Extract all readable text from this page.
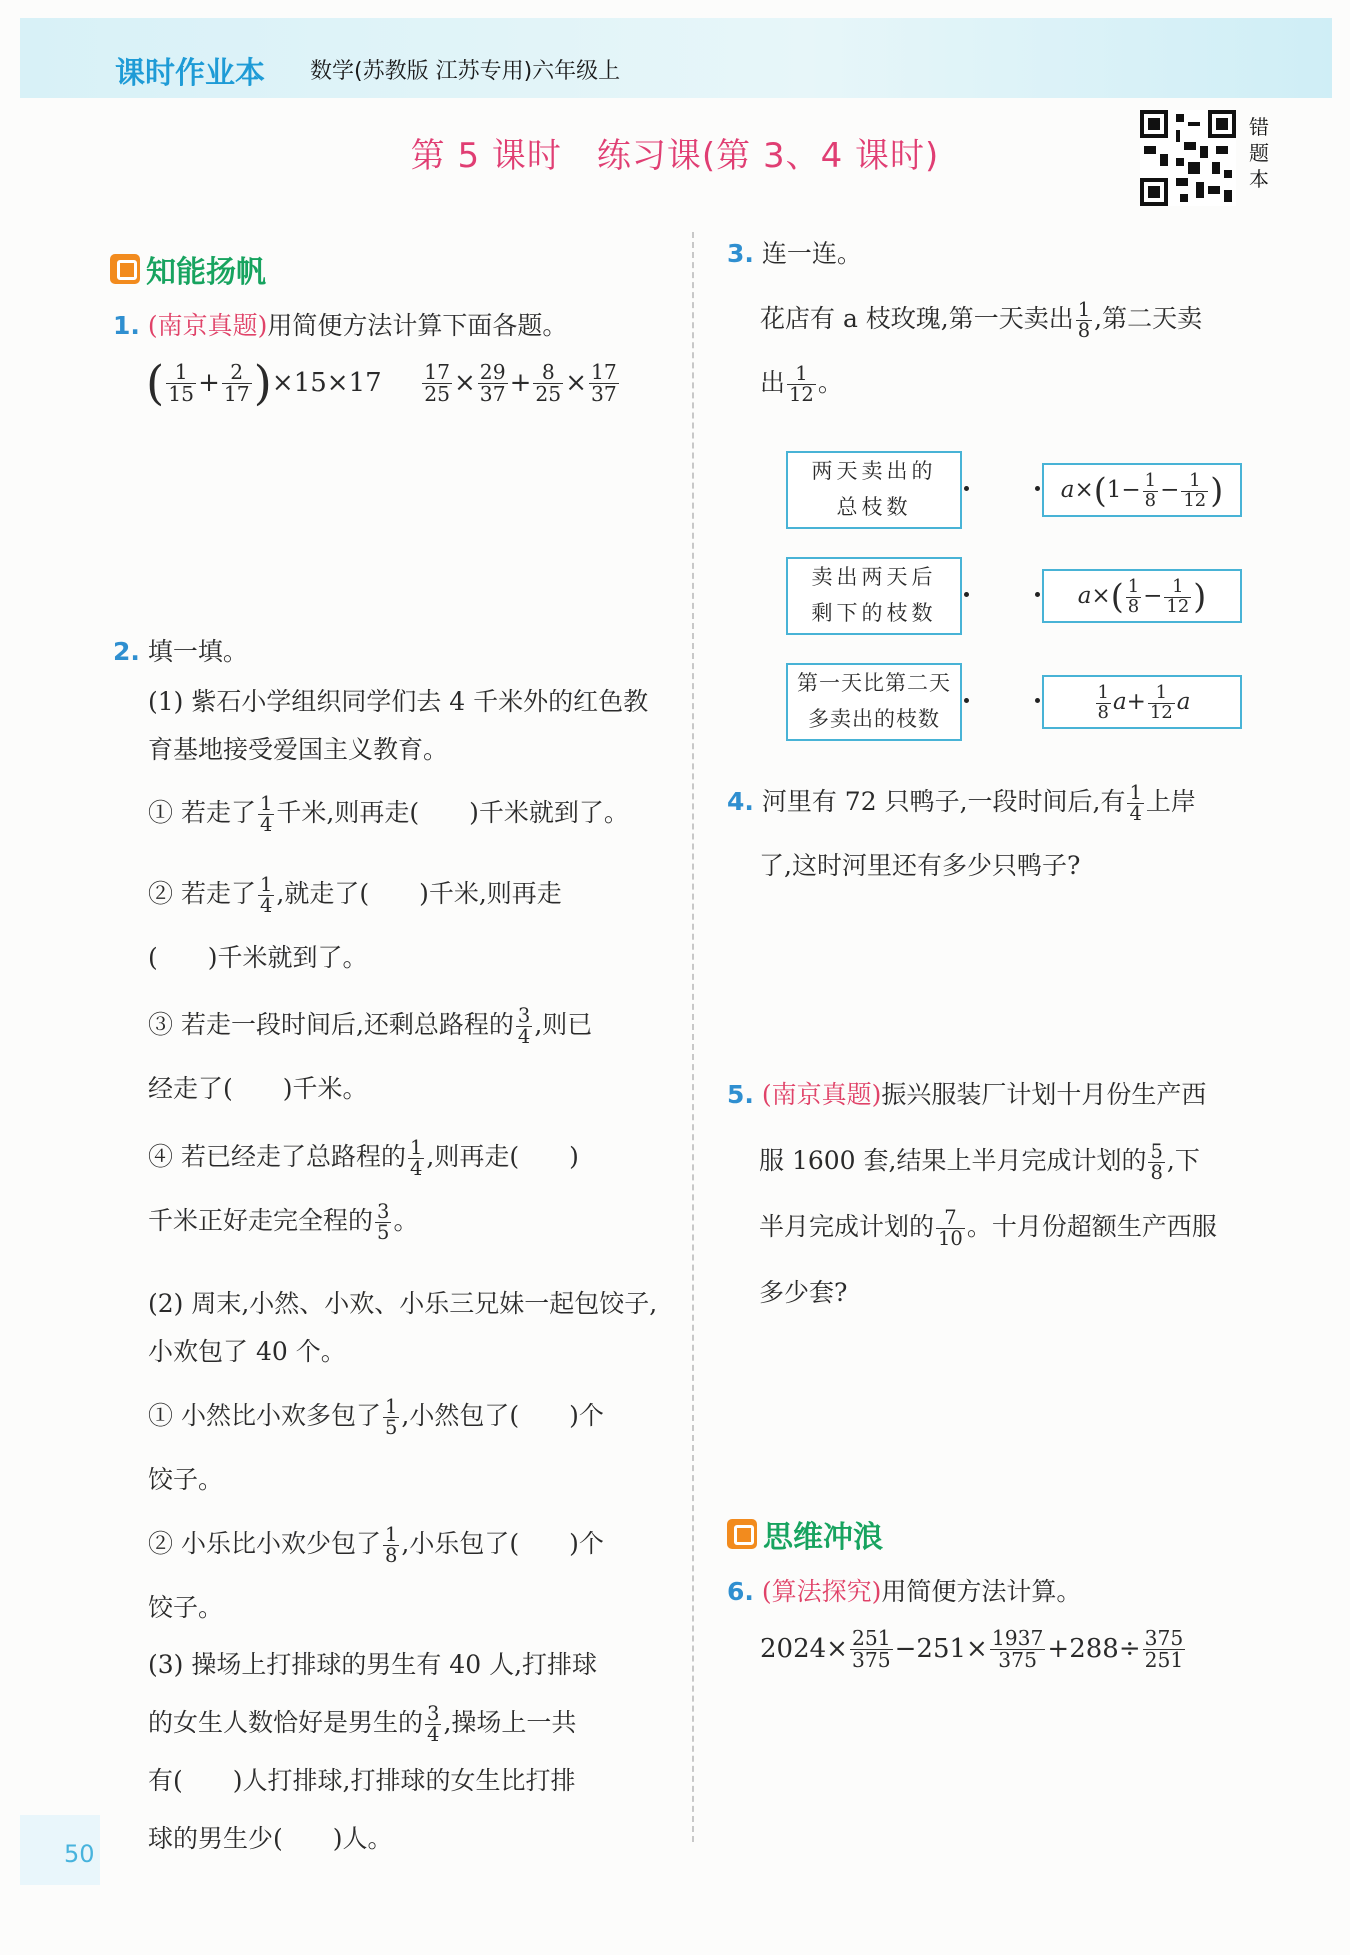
课时作业本 数学(苏教版 江苏专用)六年级上
第 5 课时　练习课(第 3、4 课时)
错
题
本
知能扬帆
1. (南京真题)用简便方法计算下面各题。
( $\frac{1}{15} + \frac{2}{17} )\times 15\times 17 \frac{17}{25} \times \frac{29}{37} + \frac{8}{25} \times \frac{17}{37}$
2. 填一填。
(1) 紫石小学组织同学们去 4 千米外的红色教育基地接受爱国主义教育。
① 若走了 $\frac{1}{4}$ 千米,则再走(　　)千米就到了。
② 若走了 $\frac{1}{4}$ ,就走了(　　)千米,则再走
(　　)千米就到了。
③ 若走一段时间后,还剩总路程的 $\frac{3}{4}$ ,则已
经走了(　　)千米。
④ 若已经走了总路程的 $\frac{1}{4}$ ,则再走(　　)
千米正好走完全程的 $\frac{3}{5}$ 。
(2) 周末,小然、小欢、小乐三兄妹一起包饺子,小欢包了 40 个。
① 小然比小欢多包了 $\frac{1}{5}$ ,小然包了(　　)个
饺子。
② 小乐比小欢少包了 $\frac{1}{8}$ ,小乐包了(　　)个
饺子。
(3) 操场上打排球的男生有 40 人,打排球
的女生人数恰好是男生的 $\frac{3}{4}$ ,操场上一共
有(　　)人打排球,打排球的女生比打排
球的男生少(　　)人。
50
3. 连一连。
花店有 a 枝玫瑰,第一天卖出 $\frac{1}{8}$ ,第二天卖
出 $\frac{1}{12}$ 。
两天卖出的
总枝数
卖出两天后
剩下的枝数
第一天比第二天
多卖出的枝数
$a\times(1- \frac{1}{8} - \frac{1}{12}$ )
$a\times( \frac{1}{8} - \frac{1}{12}$ )
$\frac{1}{8} a+ \frac{1}{12}$ a
4. 河里有 72 只鸭子,一段时间后,有 $\frac{1}{4}$ 上岸
了,这时河里还有多少只鸭子?
5. (南京真题)振兴服装厂计划十月份生产西
服 1600 套,结果上半月完成计划的 $\frac{5}{8}$ ,下
半月完成计划的 $\frac{7}{10}$ 。十月份超额生产西服
多少套?
思维冲浪
6. (算法探究)用简便方法计算。
$2024\times \frac{251}{375} -251\times \frac{1937}{375} +288\div \frac{375}{251}$
